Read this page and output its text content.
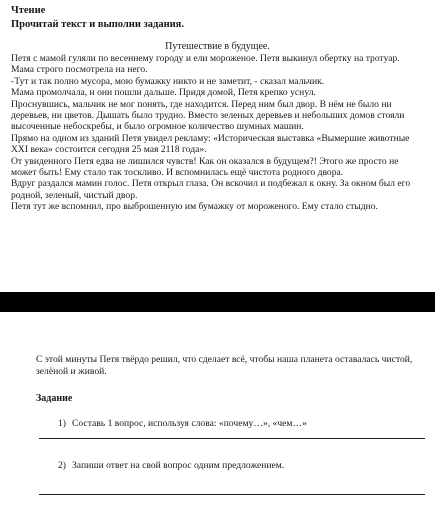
Чтение
Прочитай текст и выполни задания.
Путешествие в будущее.

Петя с мамой гуляли по весеннему городу и ели мороженое. Петя выкинул обертку на тротуар. Мама строго посмотрела на него.

-Тут и так полно мусора, мою бумажку никто и не заметит, - сказал мальчик.

Мама промолчала, и они пошли дальше. Придя домой, Петя крепко уснул.

Проснувшись, мальчик не мог понять, где находится. Перед ним был двор. В нём не было ни деревьев, ни цветов. Дышать было трудно. Вместо зеленых деревьев и небольших домов стояли высоченные небоскребы, и было огромное количество шумных машин.

Прямо на одном из зданий Петя увидел рекламу: «Историческая выставка «Вымершие животные XXI века» состоится сегодня 25 мая 2118 года».

От увиденного Петя едва не лишился чувств! Как он оказался в будущем?! Этого же просто не может быть! Ему стало так тоскливо. И вспомнилась ещё чистота родного двора.

Вдруг раздался мамин голос. Петя открыл глаза. Он вскочил и подбежал к окну. За окном был его родной, зеленый, чистый двор.

Петя тут же вспомнил, про выброшенную им бумажку от мороженого. Ему стало стыдно.

С этой минуты Петя твёрдо решил, что сделает всё, чтобы наша планета оставалась чистой, зелёной и живой.

Задание
1) Составь 1 вопрос, используя слова: «почему…», «чем…»
2) Запиши ответ на свой вопрос одним предложением.
